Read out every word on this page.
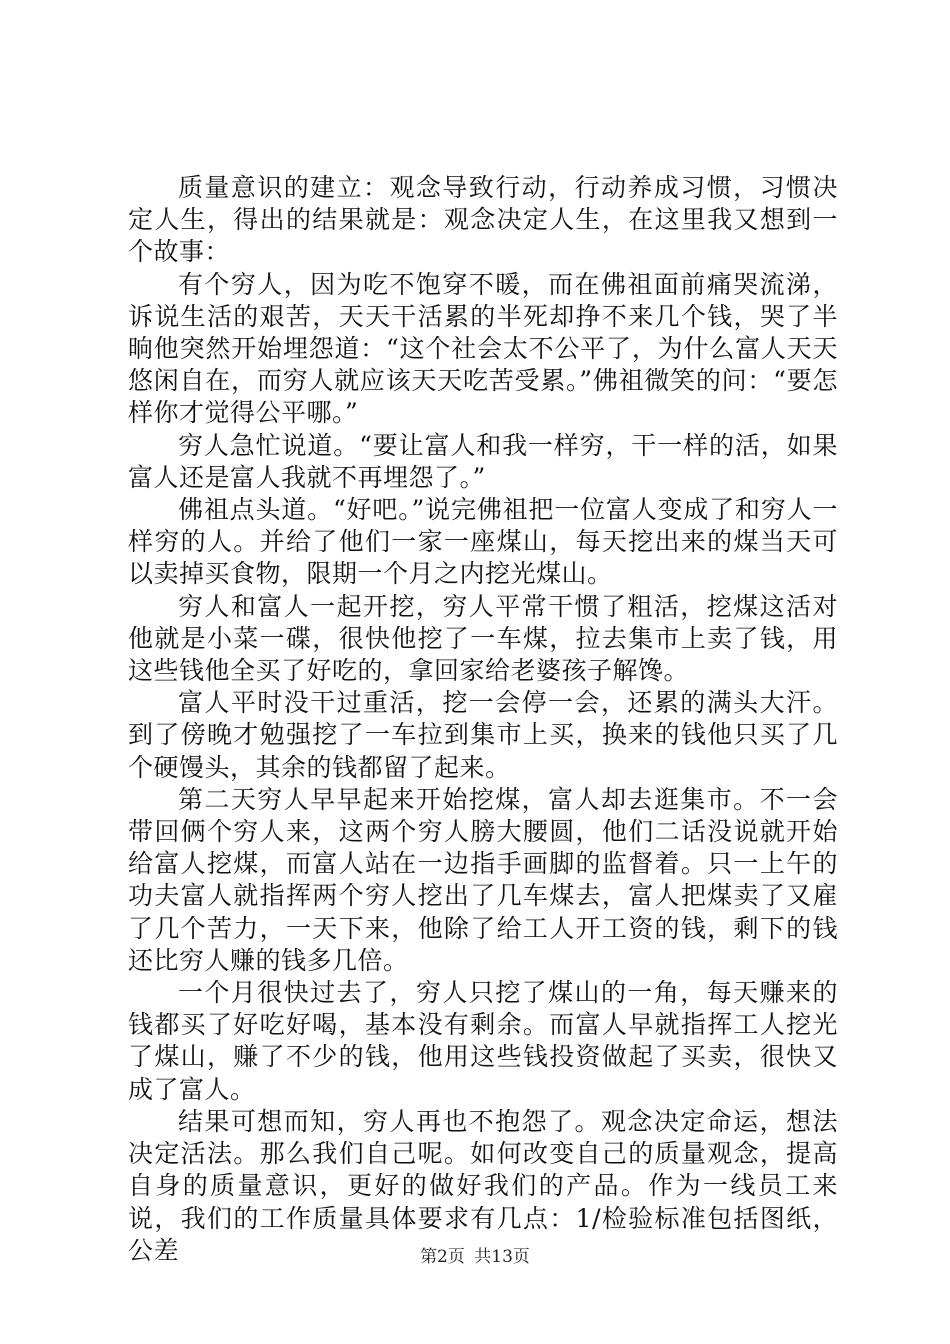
质量意识的建立：观念导致行动，行动养成习惯，习惯决定人生，得出的结果就是：观念决定人生，在这里我又想到一个故事：

有个穷人，因为吃不饱穿不暖，而在佛祖面前痛哭流涕，诉说生活的艰苦，天天干活累的半死却挣不来几个钱，哭了半晌他突然开始埋怨道：“这个社会太不公平了，为什么富人天天悠闲自在，而穷人就应该天天吃苦受累。”佛祖微笑的问：“要怎样你才觉得公平哪。”

穷人急忙说道。“要让富人和我一样穷，干一样的活，如果富人还是富人我就不再埋怨了。”

佛祖点头道。“好吧。”说完佛祖把一位富人变成了和穷人一样穷的人。并给了他们一家一座煤山，每天挖出来的煤当天可以卖掉买食物，限期一个月之内挖光煤山。

穷人和富人一起开挖，穷人平常干惯了粗活，挖煤这活对他就是小菜一碟，很快他挖了一车煤，拉去集市上卖了钱，用这些钱他全买了好吃的，拿回家给老婆孩子解馋。

富人平时没干过重活，挖一会停一会，还累的满头大汗。到了傍晚才勉强挖了一车拉到集市上买，换来的钱他只买了几个硬馒头，其余的钱都留了起来。

第二天穷人早早起来开始挖煤，富人却去逛集市。不一会带回俩个穷人来，这两个穷人膀大腰圆，他们二话没说就开始给富人挖煤，而富人站在一边指手画脚的监督着。只一上午的功夫富人就指挥两个穷人挖出了几车煤去，富人把煤卖了又雇了几个苦力，一天下来，他除了给工人开工资的钱，剩下的钱还比穷人赚的钱多几倍。

一个月很快过去了，穷人只挖了煤山的一角，每天赚来的钱都买了好吃好喝，基本没有剩余。而富人早就指挥工人挖光了煤山，赚了不少的钱，他用这些钱投资做起了买卖，很快又成了富人。

结果可想而知，穷人再也不抱怨了。观念决定命运，想法决定活法。那么我们自己呢。如何改变自己的质量观念，提高自身的质量意识，更好的做好我们的产品。作为一线员工来说，我们的工作质量具体要求有几点：1/检验标准包括图纸，公差	第2页 共13页
